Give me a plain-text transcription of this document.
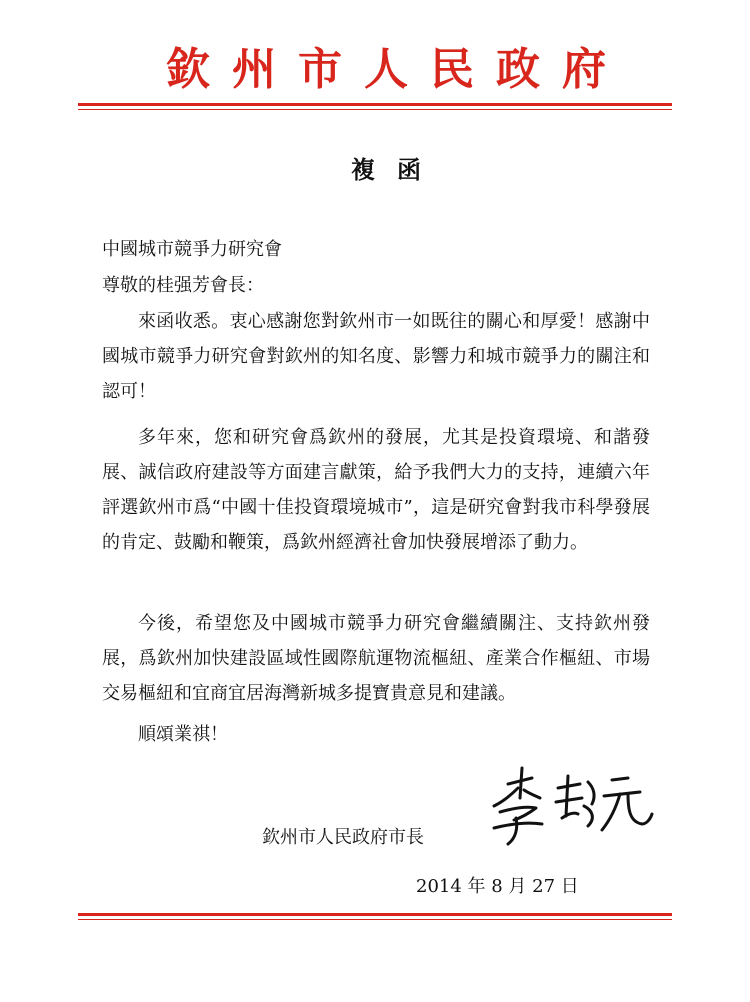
欽州市人民政府
複函
中國城市競爭力研究會
尊敬的桂强芳會長：
來函收悉。衷心感謝您對欽州市一如既往的關心和厚愛！感謝中國城市競爭力研究會對欽州的知名度、影響力和城市競爭力的關注和認可！
多年來，您和研究會爲欽州的發展，尤其是投資環境、和諧發展、誠信政府建設等方面建言獻策，給予我們大力的支持，連續六年評選欽州市爲“中國十佳投資環境城市”，這是研究會對我市科學發展的肯定、鼓勵和鞭策，爲欽州經濟社會加快發展增添了動力。
今後，希望您及中國城市競爭力研究會繼續關注、支持欽州發展，爲欽州加快建設區域性國際航運物流樞紐、產業合作樞紐、市場交易樞紐和宜商宜居海灣新城多提寶貴意見和建議。
順頌業祺！
欽州市人民政府市長
2014 年 8 月 27 日
